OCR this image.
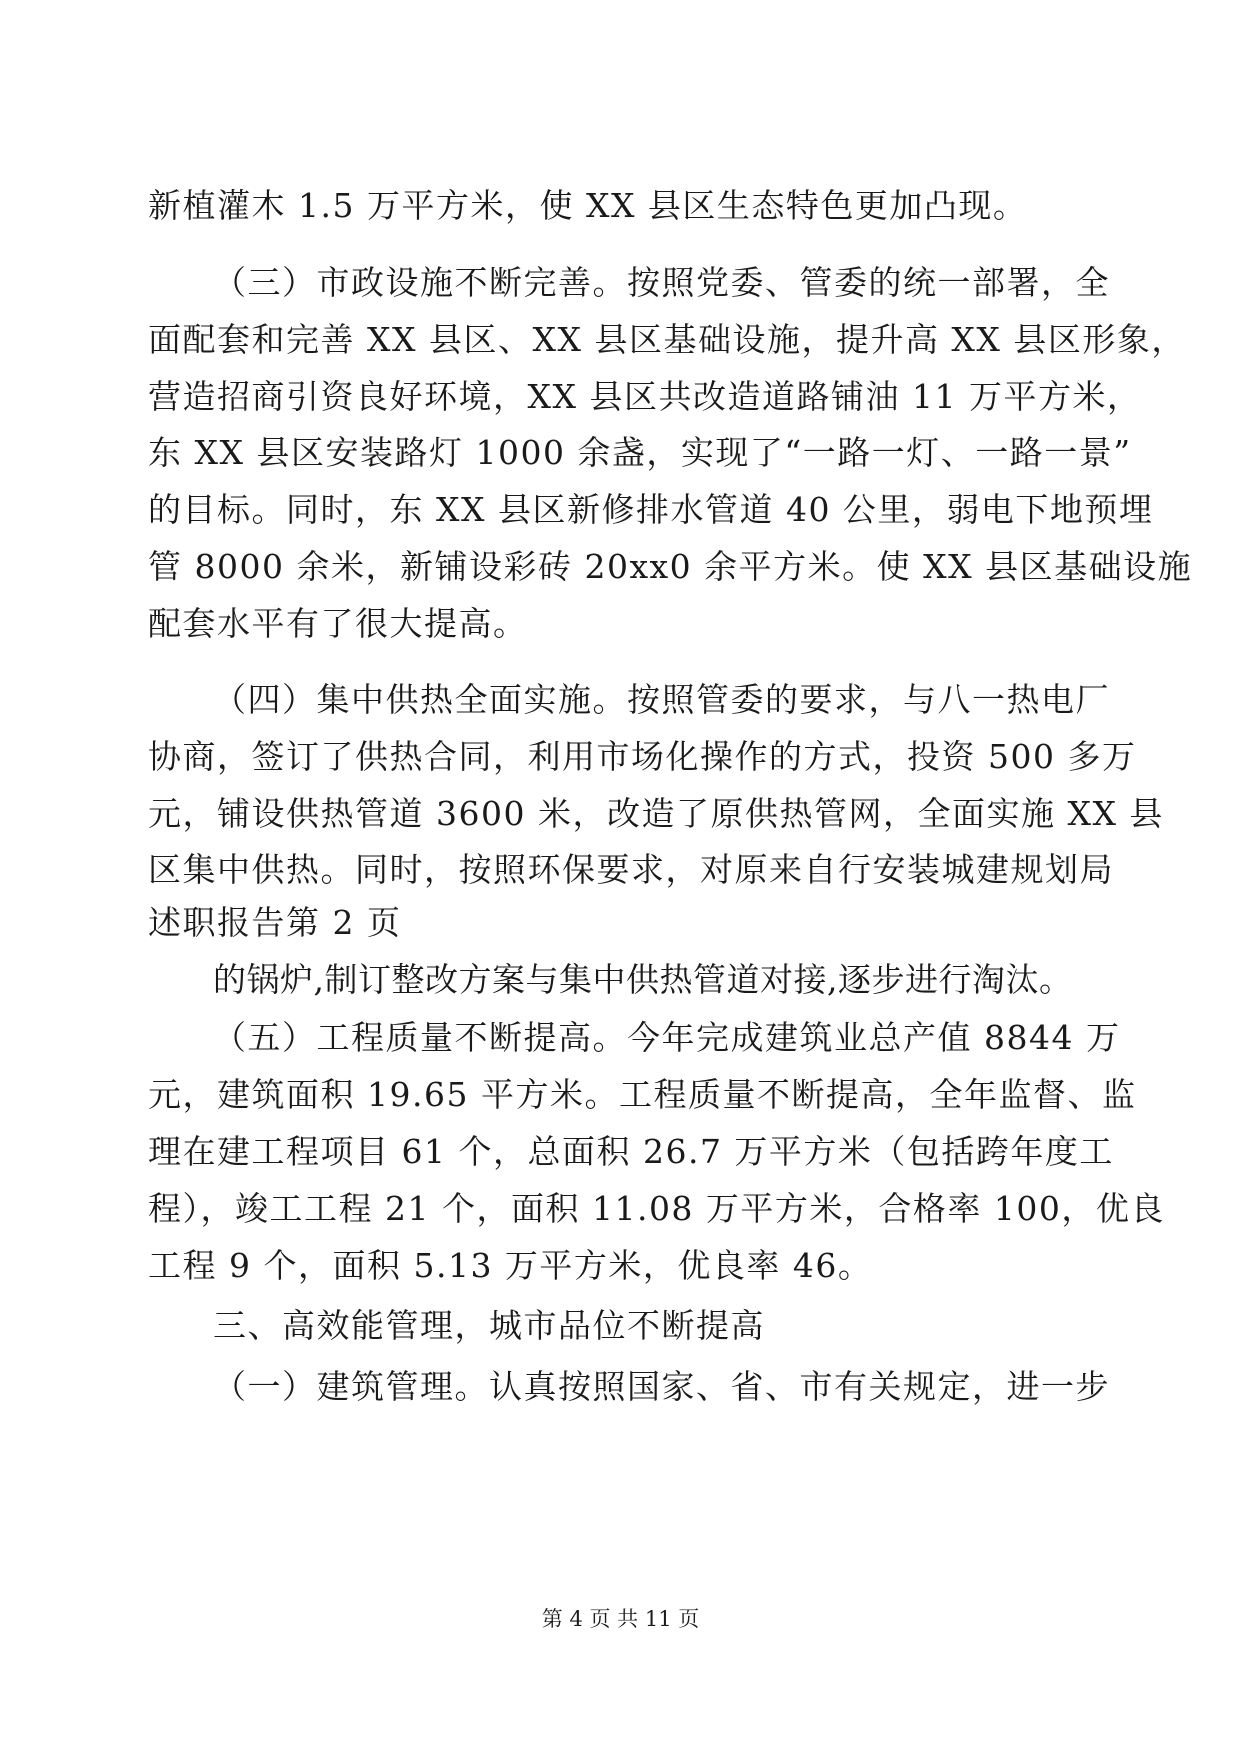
新植灌木 1.5 万平方米，使 XX 县区生态特色更加凸现。
（三）市政设施不断完善。按照党委、管委的统一部署，全
面配套和完善 XX 县区、XX 县区基础设施，提升高 XX 县区形象，
营造招商引资良好环境，XX 县区共改造道路铺油 11 万平方米，
东 XX 县区安装路灯 1000 余盏，实现了“一路一灯、一路一景”
的目标。同时，东 XX 县区新修排水管道 40 公里，弱电下地预埋
管 8000 余米，新铺设彩砖 20xx0 余平方米。使 XX 县区基础设施
配套水平有了很大提高。
（四）集中供热全面实施。按照管委的要求，与八一热电厂
协商，签订了供热合同，利用市场化操作的方式，投资 500 多万
元，铺设供热管道 3600 米，改造了原供热管网，全面实施 XX 县
区集中供热。同时，按照环保要求，对原来自行安装城建规划局
述职报告第 2 页
的锅炉,制订整改方案与集中供热管道对接,逐步进行淘汰。
（五）工程质量不断提高。今年完成建筑业总产值 8844 万
元，建筑面积 19.65 平方米。工程质量不断提高，全年监督、监
理在建工程项目 61 个，总面积 26.7 万平方米（包括跨年度工
程），竣工工程 21 个，面积 11.08 万平方米，合格率 100，优良
工程 9 个，面积 5.13 万平方米，优良率 46。
三、高效能管理，城市品位不断提高
（一）建筑管理。认真按照国家、省、市有关规定，进一步
第 4 页 共 11 页
